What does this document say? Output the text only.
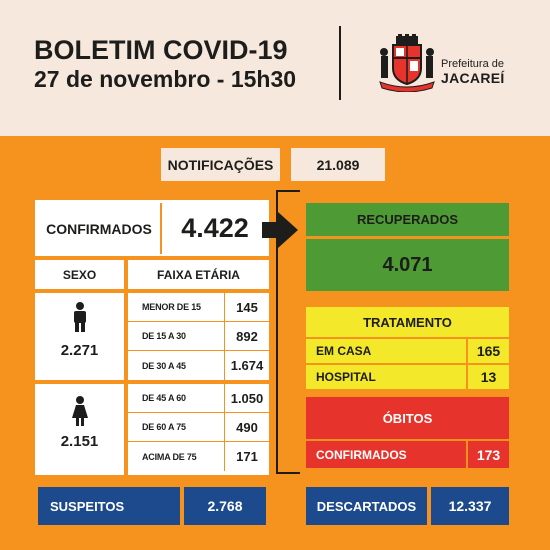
BOLETIM COVID-19
27 de novembro - 15h30
Prefeitura de
JACAREÍ
NOTIFICAÇÕES	21.089
CONFIRMADOS	4.422
SEXO	FAIXA ETÁRIA
2.271
2.151
MENOR DE 15	145
DE 15 A 30	892
DE 30 A 45	1.674
DE 45 A 60	1.050
DE 60 A 75	490
ACIMA DE 75	171
RECUPERADOS
4.071
TRATAMENTO
EM CASA	165
HOSPITAL	13
ÓBITOS
CONFIRMADOS	173
SUSPEITOS	2.768	DESCARTADOS	12.337
